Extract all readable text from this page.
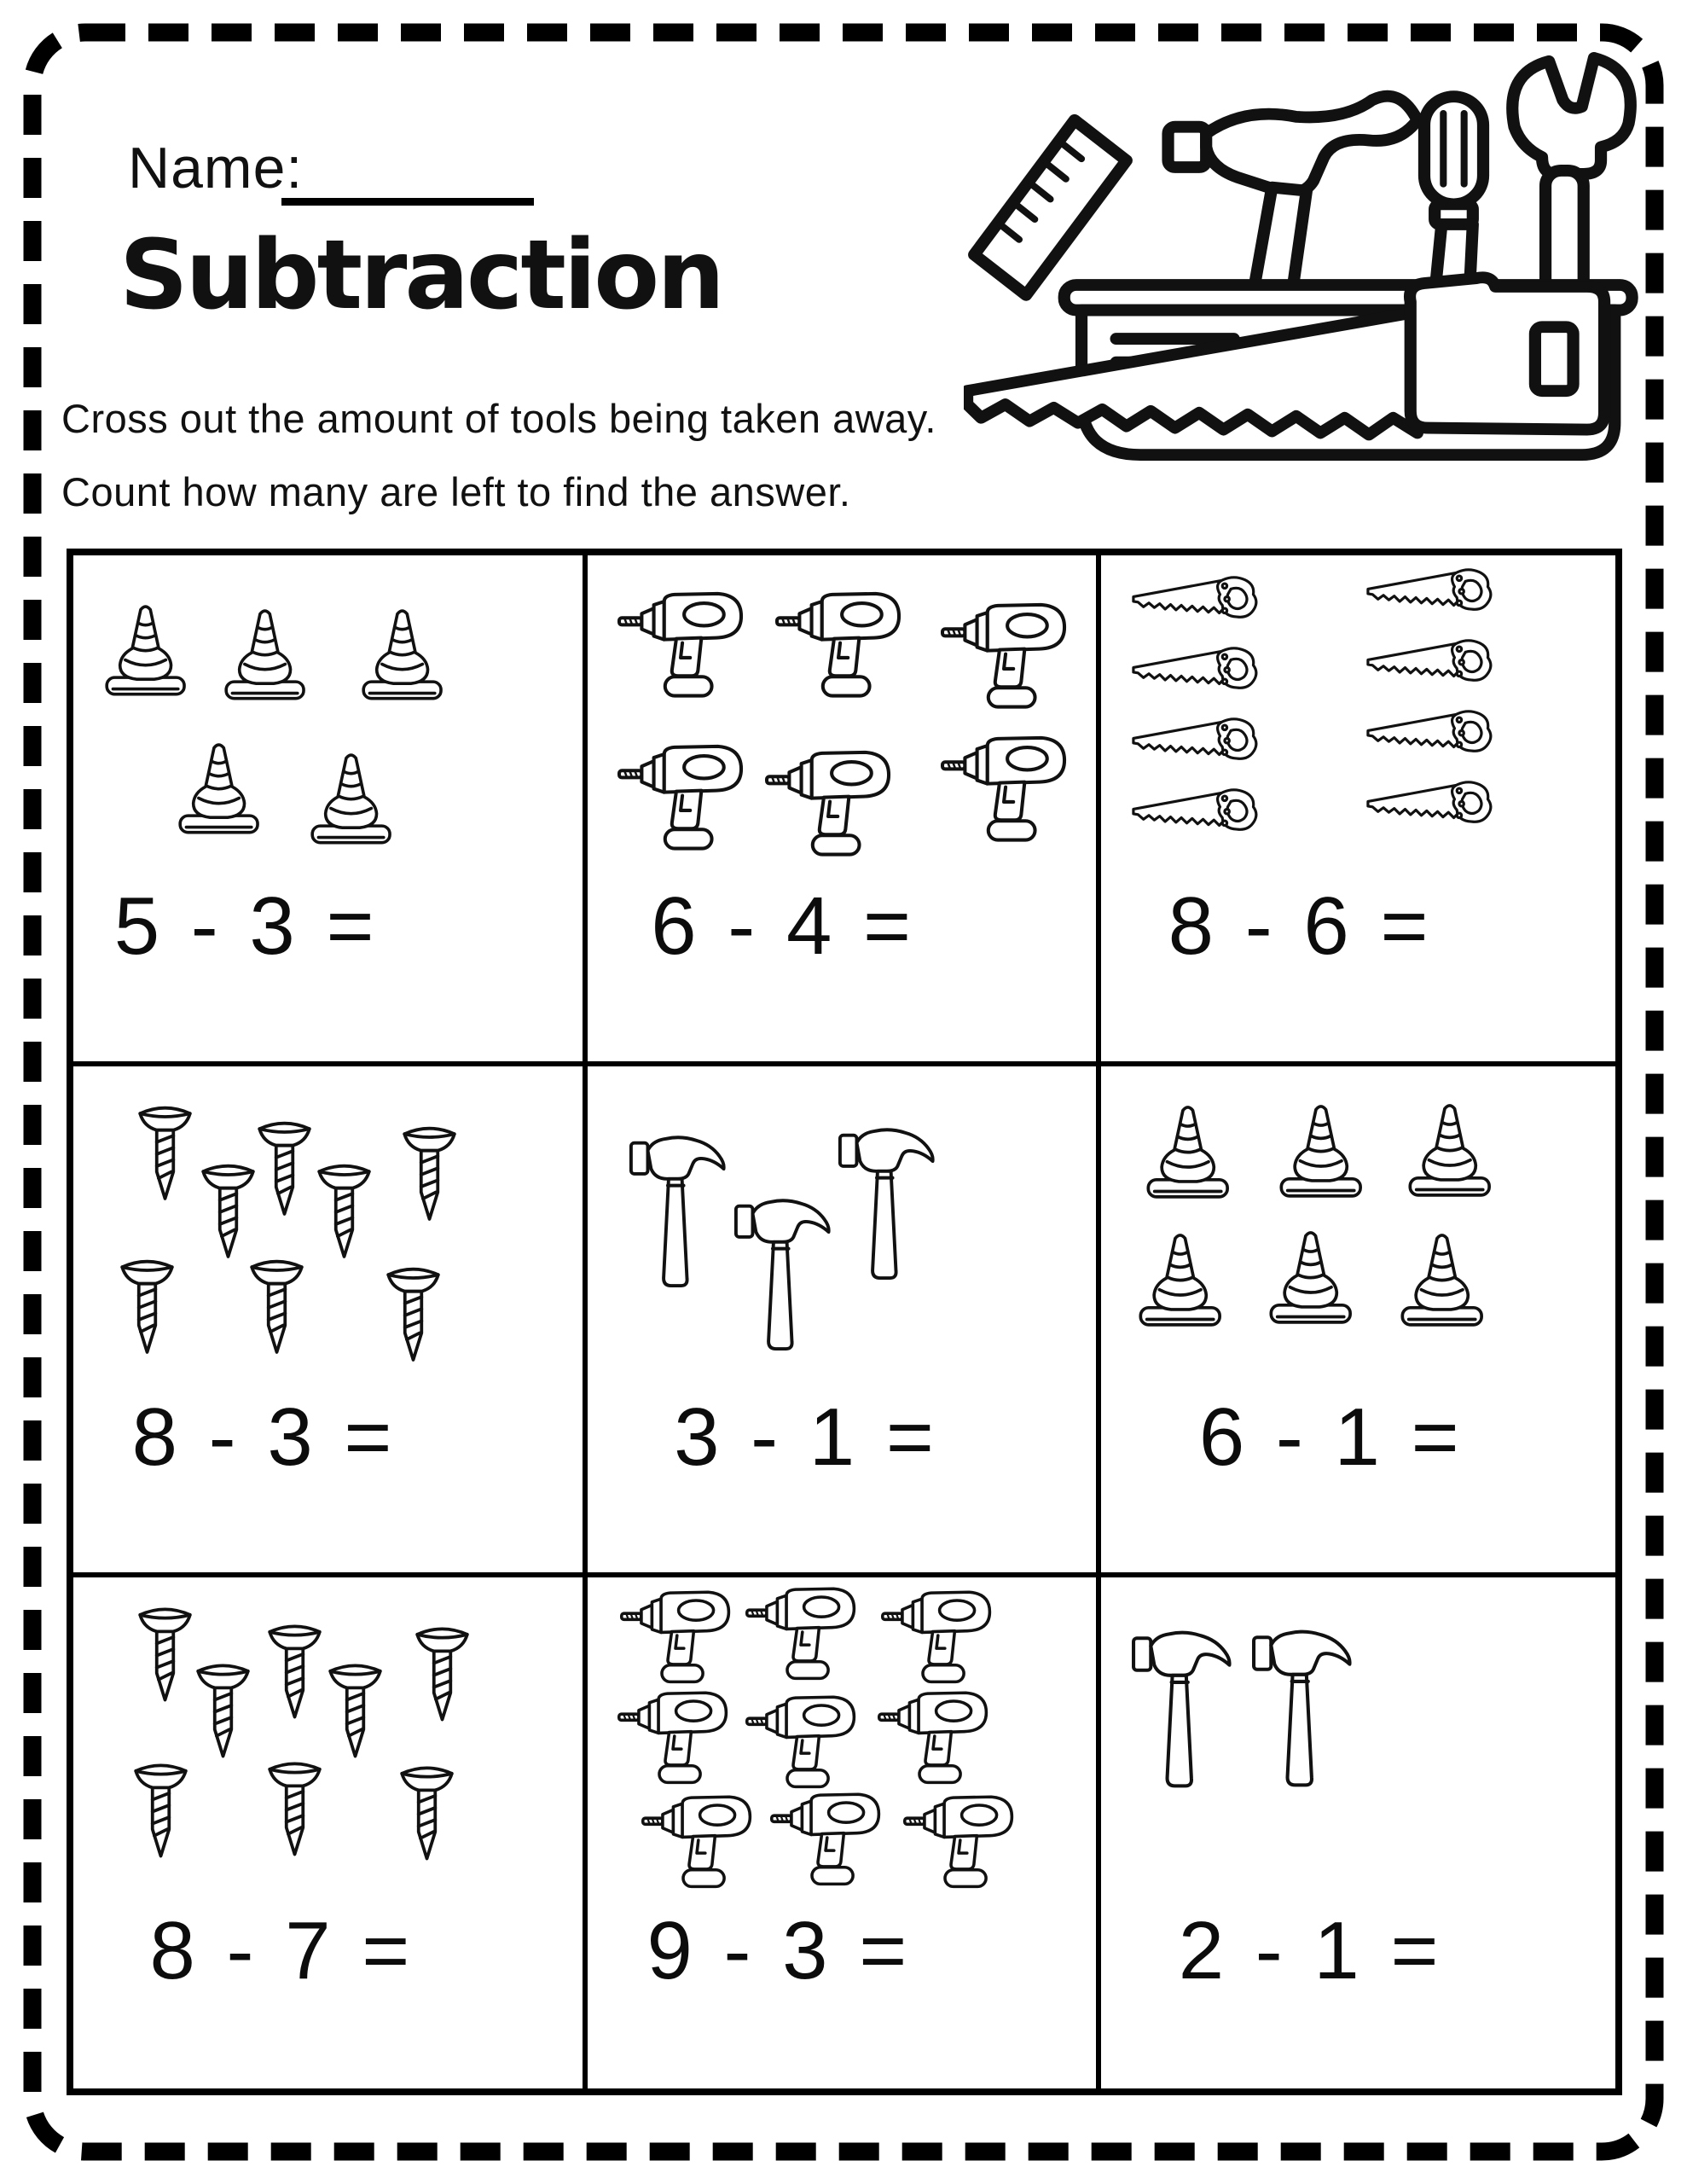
Name:
Subtraction
Cross out the amount of tools being taken away.
Count how many are left to find the answer.
5 - 3 =	6 - 4 =	8 - 6 =
8 - 3 =	3 - 1 =	6 - 1 =
8 - 7 =	9 - 3 =	2 - 1 =
